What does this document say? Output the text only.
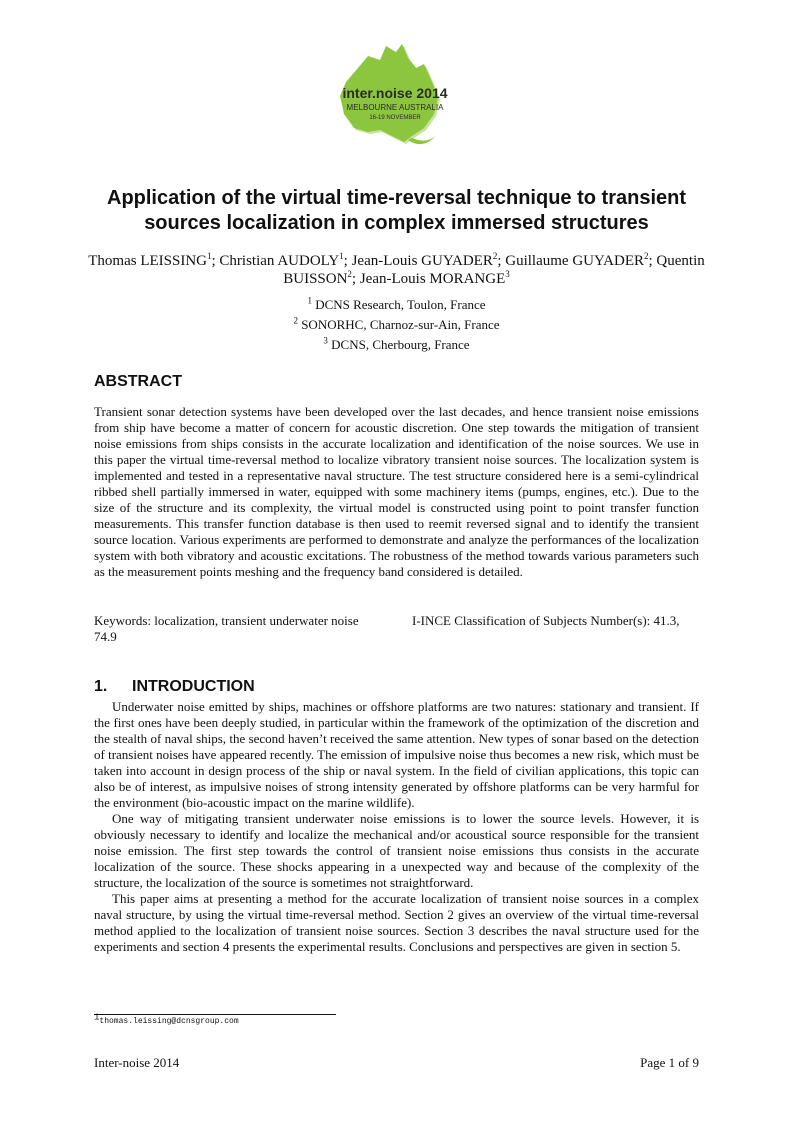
inter.noise 2014
MELBOURNE AUSTRALIA
16-19 NOVEMBER
Application of the virtual time-reversal technique to transient
sources localization in complex immersed structures
Thomas LEISSING$^1$; Christian AUDOLY$^1$; Jean-Louis GUYADER$^2$; Guillaume GUYADER$^2$; Quentin
BUISSON$^2$; Jean-Louis MORANGE$^3$
$^1$ DCNS Research, Toulon, France
$^2$ SONORHC, Charnoz-sur-Ain, France
$^3$ DCNS, Cherbourg, France
ABSTRACT
Transient sonar detection systems have been developed over the last decades, and hence transient noise emissions from ship have become a matter of concern for acoustic discretion. One step towards the mitigation of transient noise emissions from ships consists in the accurate localization and identification of the noise sources. We use in this paper the virtual time-reversal method to localize vibratory transient noise sources. The localization system is implemented and tested in a representative naval structure. The test structure considered here is a semi-cylindrical ribbed shell partially immersed in water, equipped with some machinery items (pumps, engines, etc.). Due to the size of the structure and its complexity, the virtual model is constructed using point to point transfer function measurements. This transfer function database is then used to reemit reversed signal and to identify the transient source location. Various experiments are performed to demonstrate and analyze the performances of the localization system with both vibratory and acoustic excitations. The robustness of the method towards various parameters such as the measurement points meshing and the frequency band considered is detailed.
Keywords: localization, transient underwater noise	I-INCE Classification of Subjects Number(s): 41.3,
74.9
1. INTRODUCTION

Underwater noise emitted by ships, machines or offshore platforms are two natures: stationary and transient. If the first ones have been deeply studied, in particular within the framework of the optimization of the discretion and the stealth of naval ships, the second haven’t received the same attention. New types of sonar based on the detection of transient noises have appeared recently. The emission of impulsive noise thus becomes a new risk, which must be taken into account in design process of the ship or naval system. In the field of civilian applications, this topic can also be of interest, as impulsive noises of strong intensity generated by offshore platforms can be very harmful for the environment (bio-acoustic impact on the marine wildlife).

One way of mitigating transient underwater noise emissions is to lower the source levels. However, it is obviously necessary to identify and localize the mechanical and/or acoustical source responsible for the transient noise emission. The first step towards the control of transient noise emissions thus consists in the accurate localization of the source. These shocks appearing in a unexpected way and because of the complexity of the structure, the localization of the source is sometimes not straightforward.

This paper aims at presenting a method for the accurate localization of transient noise sources in a complex naval structure, by using the virtual time-reversal method. Section 2 gives an overview of the virtual time-reversal method applied to the localization of transient noise sources. Section 3 describes the naval structure used for the experiments and section 4 presents the experimental results. Conclusions and perspectives are given in section 5.

$^1$thomas.leissing@dcnsgroup.com
Inter-noise 2014	Page 1 of 9
